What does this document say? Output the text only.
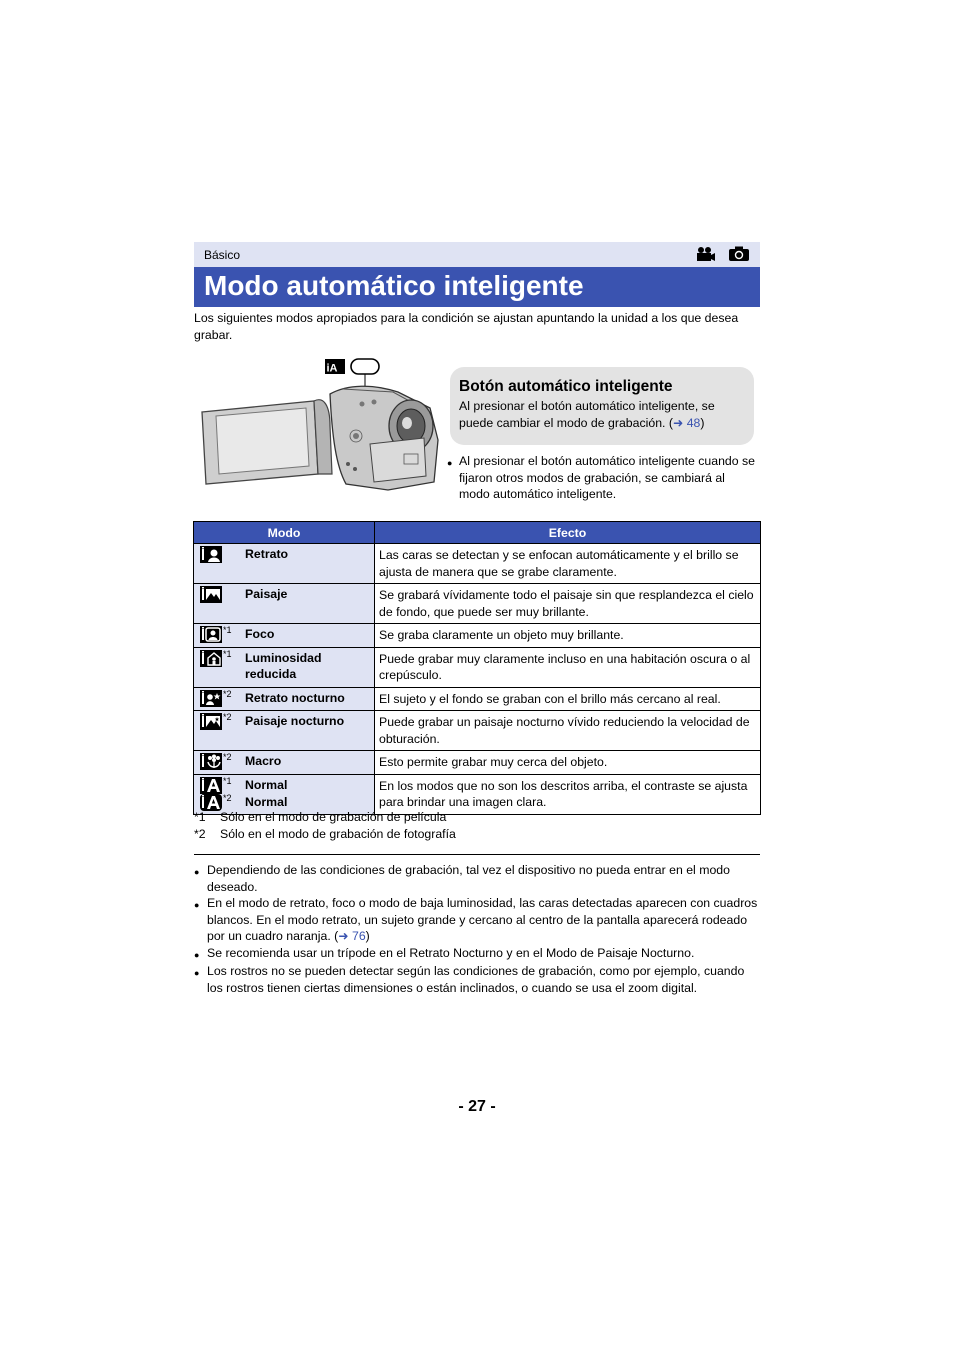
Básico
Modo automático inteligente
Los siguientes modos apropiados para la condición se ajustan apuntando la unidad a los que desea grabar.
iA
Botón automático inteligente
Al presionar el botón automático inteligente, se puede cambiar el modo de grabación. (➜ 48)
● Al presionar el botón automático inteligente cuando se fijaron otros modos de grabación, se cambiará al modo automático inteligente.
Modo	Efecto

Retrato	Las caras se detectan y se enfocan automáticamente y el brillo se ajusta de manera que se grabe claramente.

Paisaje	Se grabará vívidamente todo el paisaje sin que resplandezca el cielo de fondo, que puede ser muy brillante.

*1 Foco	Se graba claramente un objeto muy brillante.

*1 Luminosidad reducida	Puede grabar muy claramente incluso en una habitación oscura o al crepúsculo.

*2 Retrato nocturno	El sujeto y el fondo se graban con el brillo más cercano al real.

*2 Paisaje nocturno	Puede grabar un paisaje nocturno vívido reduciendo la velocidad de obturación.

*2 Macro	Esto permite grabar muy cerca del objeto.

*1 Normal
*2 Normal	En los modos que no son los descritos arriba, el contraste se ajusta para brindar una imagen clara.
*1	Sólo en el modo de grabación de película
*2	Sólo en el modo de grabación de fotografía
● Dependiendo de las condiciones de grabación, tal vez el dispositivo no pueda entrar en el modo deseado.
● En el modo de retrato, foco o modo de baja luminosidad, las caras detectadas aparecen con cuadros blancos. En el modo retrato, un sujeto grande y cercano al centro de la pantalla aparecerá rodeado por un cuadro naranja. (➜ 76)
● Se recomienda usar un trípode en el Retrato Nocturno y en el Modo de Paisaje Nocturno.
● Los rostros no se pueden detectar según las condiciones de grabación, como por ejemplo, cuando los rostros tienen ciertas dimensiones o están inclinados, o cuando se usa el zoom digital.
- 27 -
